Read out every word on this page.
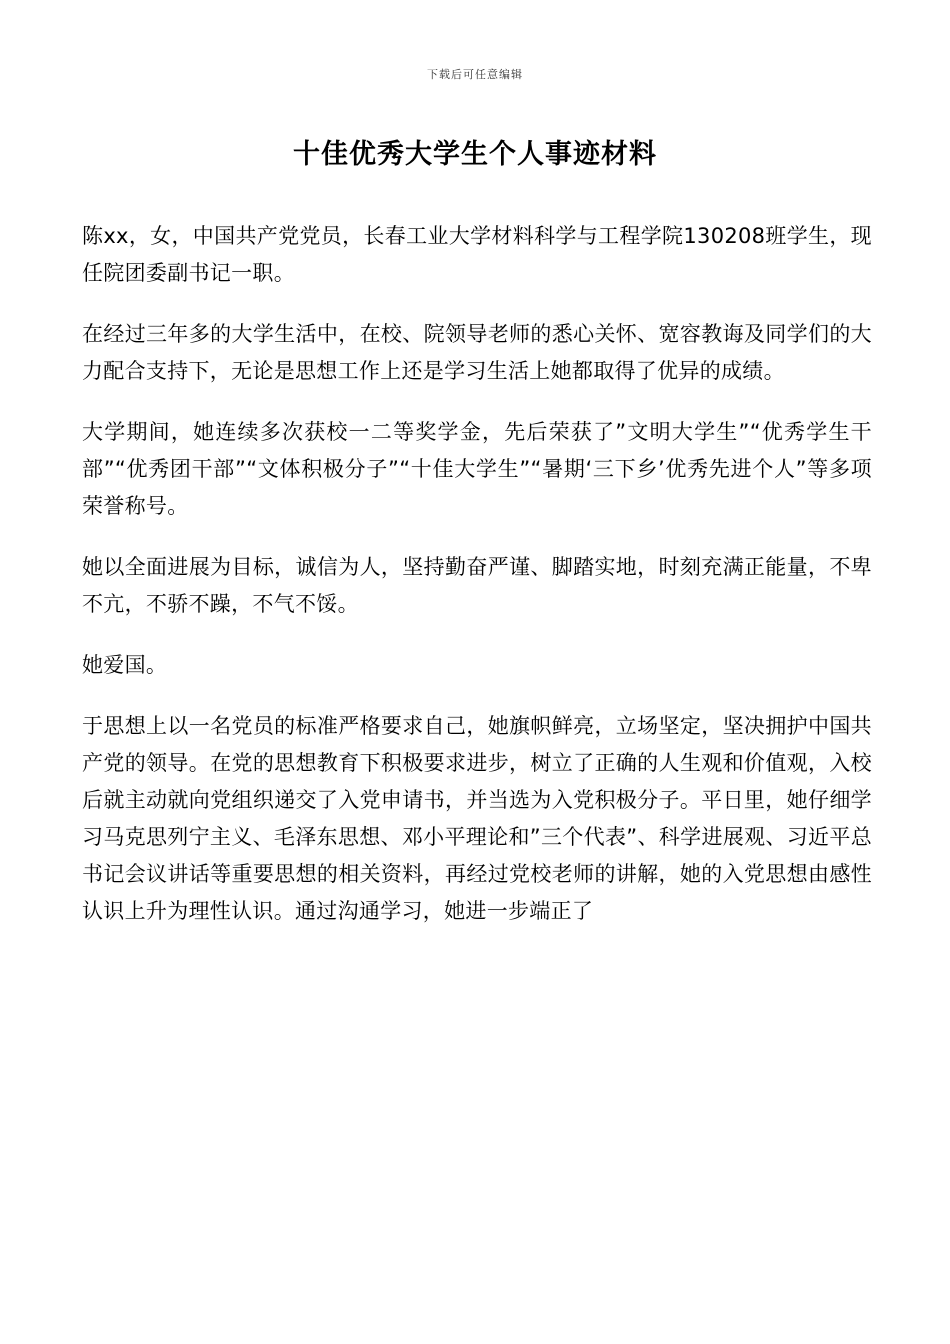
下载后可任意编辑
十佳优秀大学生个人事迹材料

陈xx，女，中国共产党党员，长春工业大学材料科学与工程学院130208班学生，现任院团委副书记一职。

在经过三年多的大学生活中，在校、院领导老师的悉心关怀、宽容教诲及同学们的大力配合支持下，无论是思想工作上还是学习生活上她都取得了优异的成绩。

大学期间，她连续多次获校一二等奖学金，先后荣获了”文明大学生”“优秀学生干部”“优秀团干部”“文体积极分子”“十佳大学生”“暑期‘三下乡’优秀先进个人”等多项荣誉称号。

她以全面进展为目标，诚信为人，坚持勤奋严谨、脚踏实地，时刻充满正能量，不卑不亢，不骄不躁，不气不馁。

她爱国。

于思想上以一名党员的标准严格要求自己，她旗帜鲜亮，立场坚定，坚决拥护中国共产党的领导。在党的思想教育下积极要求进步，树立了正确的人生观和价值观，入校后就主动就向党组织递交了入党申请书，并当选为入党积极分子。平日里，她仔细学习马克思列宁主义、毛泽东思想、邓小平理论和”三个代表”、科学进展观、习近平总书记会议讲话等重要思想的相关资料，再经过党校老师的讲解，她的入党思想由感性认识上升为理性认识。通过沟通学习，她进一步端正了
